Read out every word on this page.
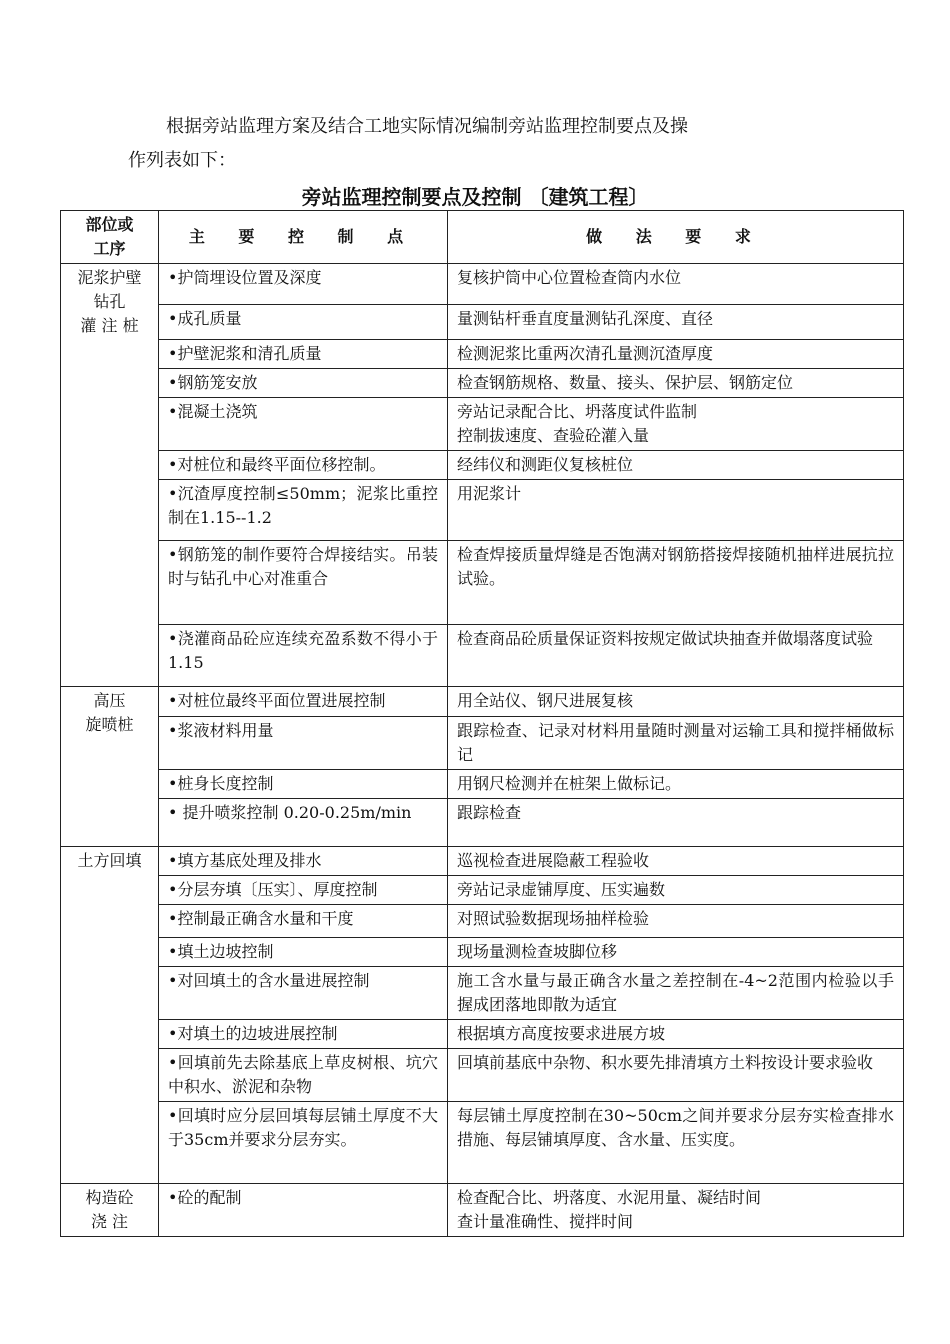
根据旁站监理方案及结合工地实际情况编制旁站监理控制要点及操
作列表如下：
旁站监理控制要点及控制 〔建筑工程〕
部位或
工序	主 要 控 制 点	做 法 要 求
泥浆护壁
钻孔
灌 注 桩	•护筒埋设位置及深度	复核护筒中心位置检查筒内水位
	•成孔质量	量测钻杆垂直度量测钻孔深度、直径
	•护壁泥浆和清孔质量	检测泥浆比重两次清孔量测沉渣厚度
	•钢筋笼安放	检查钢筋规格、数量、接头、保护层、钢筋定位
	•混凝土浇筑	旁站记录配合比、坍落度试件监制
控制拔速度、查验砼灌入量
	•对桩位和最终平面位移控制。	经纬仪和测距仪复核桩位
	•沉渣厚度控制≤50mm；泥浆比重控制在1.15--1.2	用泥浆计
	•钢筋笼的制作要符合焊接结实。吊装时与钻孔中心对准重合	检查焊接质量焊缝是否饱满对钢筋搭接焊接随机抽样进展抗拉试验。
	•浇灌商品砼应连续充盈系数不得小于1.15	检查商品砼质量保证资料按规定做试块抽查并做塌落度试验
高压
旋喷桩	•对桩位最终平面位置进展控制	用全站仪、钢尺进展复核
	•浆液材料用量	跟踪检查、记录对材料用量随时测量对运输工具和搅拌桶做标记
	•桩身长度控制	用钢尺检测并在桩架上做标记。
	• 提升喷浆控制 0.20-0.25m/min	跟踪检查
土方回填	•填方基底处理及排水	巡视检查进展隐蔽工程验收
	•分层夯填〔压实〕、厚度控制	旁站记录虚铺厚度、压实遍数
	•控制最正确含水量和干度	对照试验数据现场抽样检验
	•填土边坡控制	现场量测检查坡脚位移
	•对回填土的含水量进展控制	施工含水量与最正确含水量之差控制在-4~2范围内检验以手握成团落地即散为适宜
	•对填土的边坡进展控制	根据填方高度按要求进展方坡
	•回填前先去除基底上草皮树根、坑穴中积水、淤泥和杂物	回填前基底中杂物、积水要先排清填方土料按设计要求验收
	•回填时应分层回填每层铺土厚度不大于35cm并要求分层夯实。	每层铺土厚度控制在30~50cm之间并要求分层夯实检查排水措施、每层铺填厚度、含水量、压实度。
构造砼
浇 注	•砼的配制	检查配合比、坍落度、水泥用量、凝结时间
查计量准确性、搅拌时间
